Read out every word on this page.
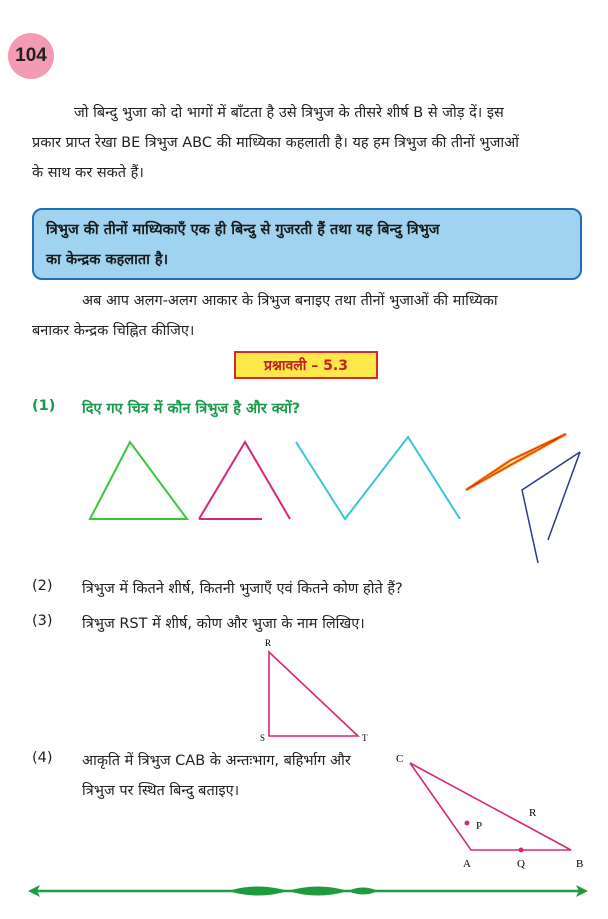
104
जो बिन्दु भुजा को दो भागों में बाँटता है उसे त्रिभुज के तीसरे शीर्ष B से जोड़ दें। इस
प्रकार प्राप्त रेखा BE त्रिभुज ABC की माध्यिका कहलाती है। यह हम त्रिभुज की तीनों भुजाओं
के साथ कर सकते हैं।
त्रिभुज की तीनों माध्यिकाएँ एक ही बिन्दु से गुजरती हैं तथा यह बिन्दु त्रिभुज
का केन्द्रक कहलाता है।
अब आप अलग-अलग आकार के त्रिभुज बनाइए तथा तीनों भुजाओं की माध्यिका
बनाकर केन्द्रक चिह्नित कीजिए।
प्रश्नावली – 5.3
(1) दिए गए चित्र में कौन त्रिभुज है और क्यों?
(2) त्रिभुज में कितने शीर्ष, कितनी भुजाएँ एवं कितने कोण होते हैं?
(3) त्रिभुज RST में शीर्ष, कोण और भुजा के नाम लिखिए।
R
S	T
(4) आकृति में त्रिभुज CAB के अन्तःभाग, बहिर्भाग और
त्रिभुज पर स्थित बिन्दु बताइए।
C
A	B
P
Q
R
